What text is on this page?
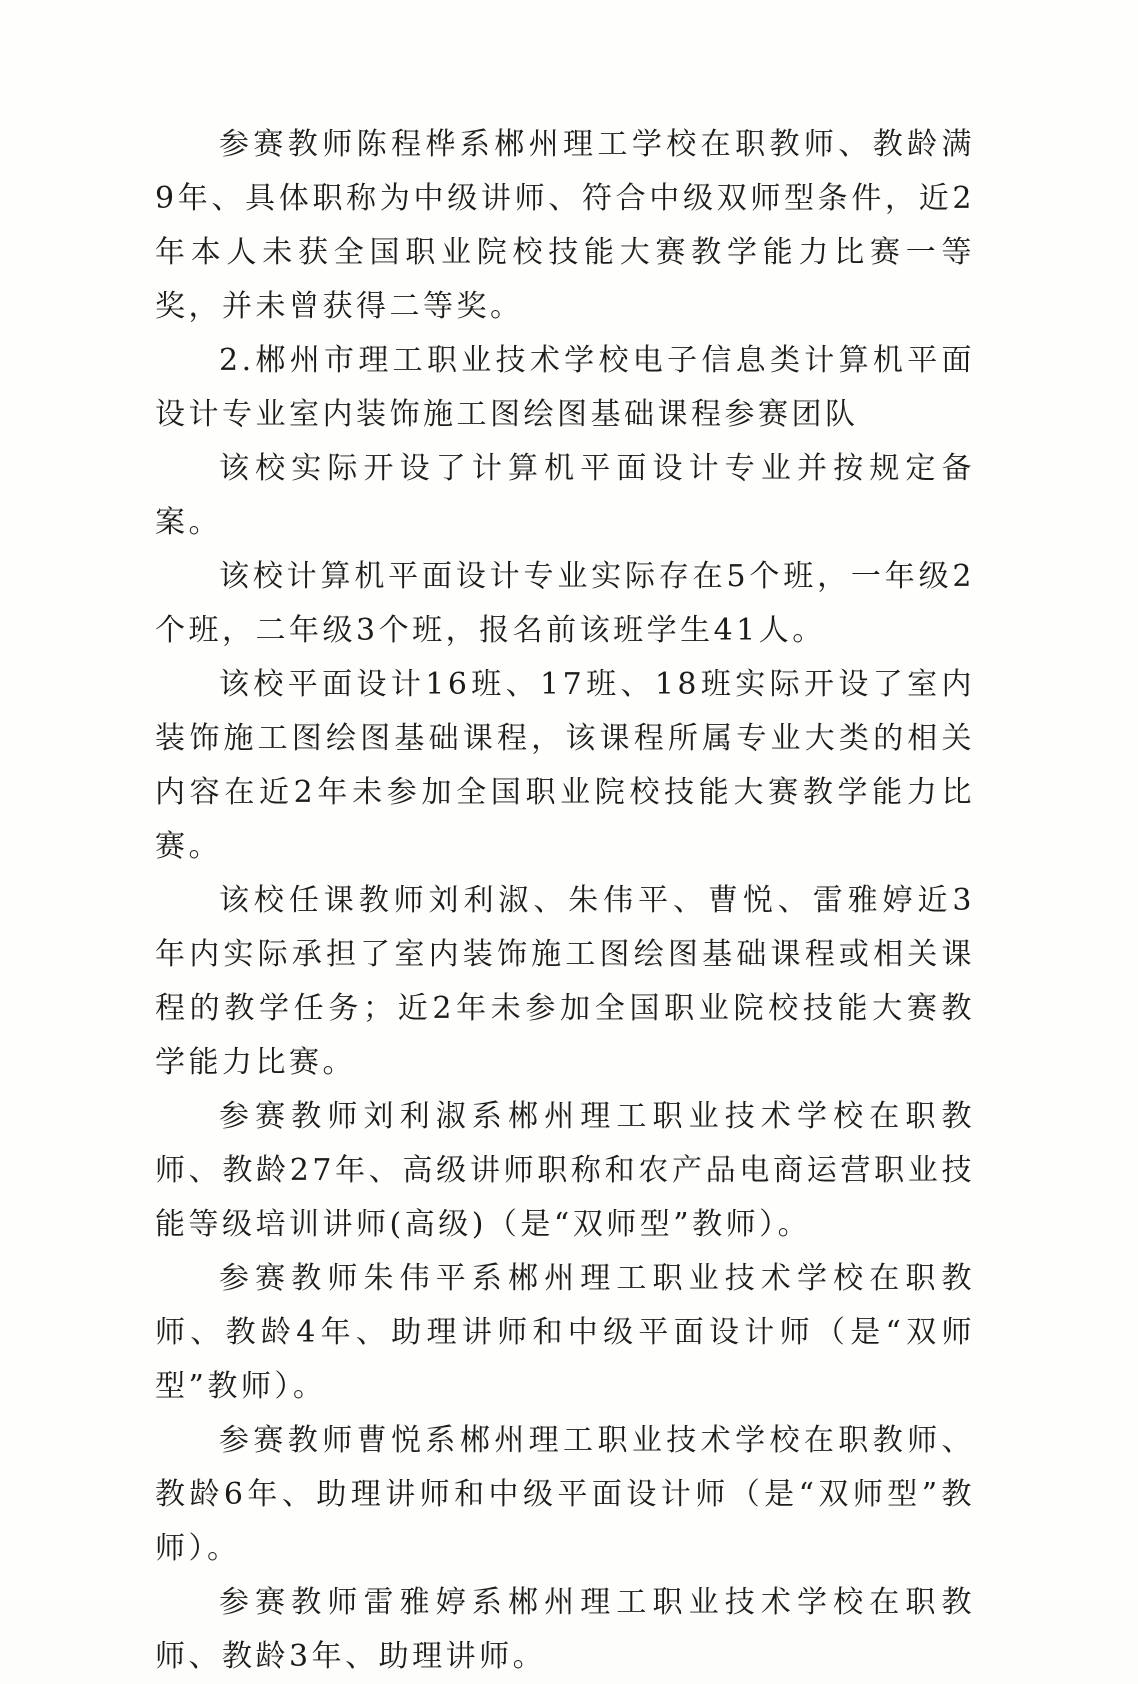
参赛教师陈程桦系郴州理工学校在职教师、教龄满9年、具体职称为中级讲师、符合中级双师型条件，近2年本人未获全国职业院校技能大赛教学能力比赛一等奖，并未曾获得二等奖。

2.郴州市理工职业技术学校电子信息类计算机平面设计专业室内装饰施工图绘图基础课程参赛团队

该校实际开设了计算机平面设计专业并按规定备案。

该校计算机平面设计专业实际存在5个班，一年级2个班，二年级3个班，报名前该班学生41人。

该校平面设计16班、17班、18班实际开设了室内装饰施工图绘图基础课程，该课程所属专业大类的相关内容在近2年未参加全国职业院校技能大赛教学能力比赛。

该校任课教师刘利淑、朱伟平、曹悦、雷雅婷近3年内实际承担了室内装饰施工图绘图基础课程或相关课程的教学任务；近2年未参加全国职业院校技能大赛教学能力比赛。

参赛教师刘利淑系郴州理工职业技术学校在职教师、教龄27年、高级讲师职称和农产品电商运营职业技能等级培训讲师(高级)（是“双师型”教师）。

参赛教师朱伟平系郴州理工职业技术学校在职教师、教龄4年、助理讲师和中级平面设计师（是“双师型”教师）。

参赛教师曹悦系郴州理工职业技术学校在职教师、教龄6年、助理讲师和中级平面设计师（是“双师型”教师）。

参赛教师雷雅婷系郴州理工职业技术学校在职教师、教龄3年、助理讲师。
